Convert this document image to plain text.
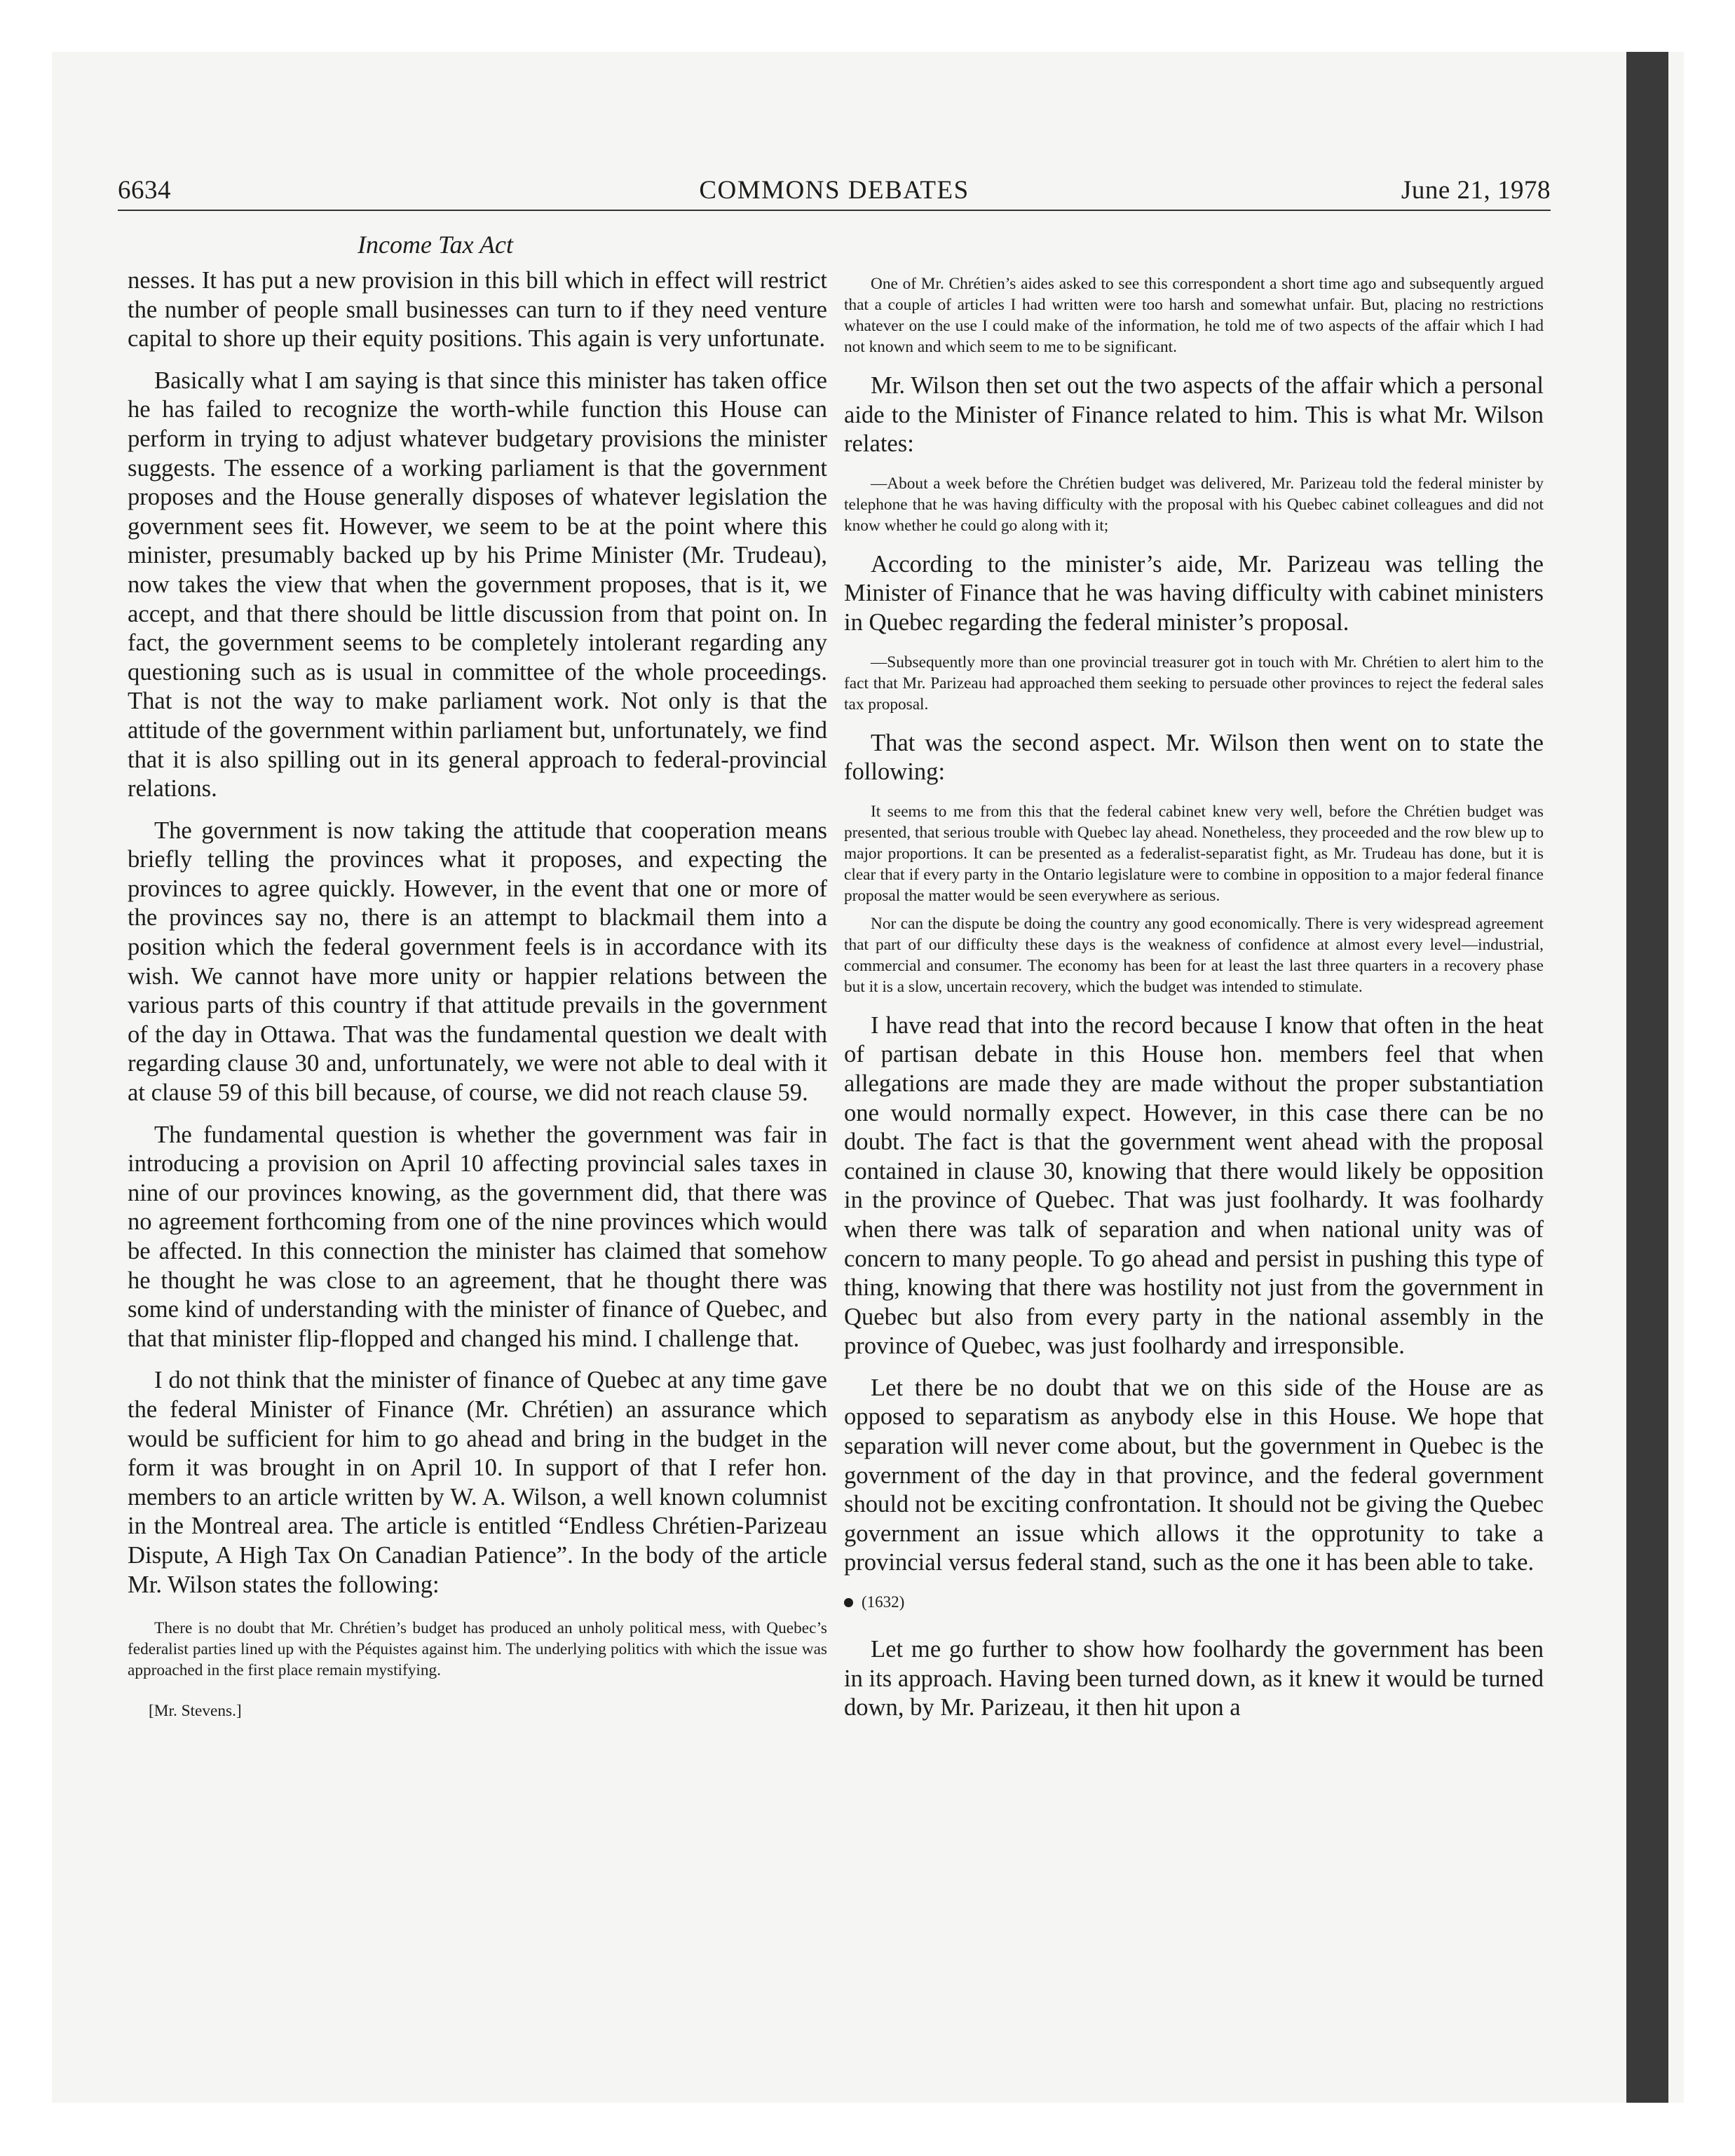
6634	COMMONS DEBATES	June 21, 1978
Income Tax Act

nesses. It has put a new provision in this bill which in effect will restrict the number of people small businesses can turn to if they need venture capital to shore up their equity positions. This again is very unfortunate.

Basically what I am saying is that since this minister has taken office he has failed to recognize the worth-while function this House can perform in trying to adjust whatever budgetary provisions the minister suggests. The essence of a working parliament is that the government proposes and the House generally disposes of whatever legislation the government sees fit. However, we seem to be at the point where this minister, presumably backed up by his Prime Minister (Mr. Trudeau), now takes the view that when the government proposes, that is it, we accept, and that there should be little discussion from that point on. In fact, the government seems to be completely intolerant regarding any questioning such as is usual in committee of the whole proceedings. That is not the way to make parliament work. Not only is that the attitude of the government within parliament but, unfortunately, we find that it is also spilling out in its general approach to federal-provincial relations.

The government is now taking the attitude that cooperation means briefly telling the provinces what it proposes, and expecting the provinces to agree quickly. However, in the event that one or more of the provinces say no, there is an attempt to blackmail them into a position which the federal government feels is in accordance with its wish. We cannot have more unity or happier relations between the various parts of this country if that attitude prevails in the government of the day in Ottawa. That was the fundamental question we dealt with regarding clause 30 and, unfortunately, we were not able to deal with it at clause 59 of this bill because, of course, we did not reach clause 59.

The fundamental question is whether the government was fair in introducing a provision on April 10 affecting provincial sales taxes in nine of our provinces knowing, as the government did, that there was no agreement forthcoming from one of the nine provinces which would be affected. In this connection the minister has claimed that somehow he thought he was close to an agreement, that he thought there was some kind of understanding with the minister of finance of Quebec, and that that minister flip-flopped and changed his mind. I challenge that.

I do not think that the minister of finance of Quebec at any time gave the federal Minister of Finance (Mr. Chrétien) an assurance which would be sufficient for him to go ahead and bring in the budget in the form it was brought in on April 10. In support of that I refer hon. members to an article written by W. A. Wilson, a well known columnist in the Montreal area. The article is entitled “Endless Chrétien-Parizeau Dispute, A High Tax On Canadian Patience”. In the body of the article Mr. Wilson states the following:

There is no doubt that Mr. Chrétien’s budget has produced an unholy political mess, with Quebec’s federalist parties lined up with the Péquistes against him. The underlying politics with which the issue was approached in the first place remain mystifying.

[Mr. Stevens.]

One of Mr. Chrétien’s aides asked to see this correspondent a short time ago and subsequently argued that a couple of articles I had written were too harsh and somewhat unfair. But, placing no restrictions whatever on the use I could make of the information, he told me of two aspects of the affair which I had not known and which seem to me to be significant.

Mr. Wilson then set out the two aspects of the affair which a personal aide to the Minister of Finance related to him. This is what Mr. Wilson relates:

—About a week before the Chrétien budget was delivered, Mr. Parizeau told the federal minister by telephone that he was having difficulty with the proposal with his Quebec cabinet colleagues and did not know whether he could go along with it;

According to the minister’s aide, Mr. Parizeau was telling the Minister of Finance that he was having difficulty with cabinet ministers in Quebec regarding the federal minister’s proposal.

—Subsequently more than one provincial treasurer got in touch with Mr. Chrétien to alert him to the fact that Mr. Parizeau had approached them seeking to persuade other provinces to reject the federal sales tax proposal.

That was the second aspect. Mr. Wilson then went on to state the following:

It seems to me from this that the federal cabinet knew very well, before the Chrétien budget was presented, that serious trouble with Quebec lay ahead. Nonetheless, they proceeded and the row blew up to major proportions. It can be presented as a federalist-separatist fight, as Mr. Trudeau has done, but it is clear that if every party in the Ontario legislature were to combine in opposition to a major federal finance proposal the matter would be seen everywhere as serious.

Nor can the dispute be doing the country any good economically. There is very widespread agreement that part of our difficulty these days is the weakness of confidence at almost every level—industrial, commercial and consumer. The economy has been for at least the last three quarters in a recovery phase but it is a slow, uncertain recovery, which the budget was intended to stimulate.

I have read that into the record because I know that often in the heat of partisan debate in this House hon. members feel that when allegations are made they are made without the proper substantiation one would normally expect. However, in this case there can be no doubt. The fact is that the government went ahead with the proposal contained in clause 30, knowing that there would likely be opposition in the province of Quebec. That was just foolhardy. It was foolhardy when there was talk of separation and when national unity was of concern to many people. To go ahead and persist in pushing this type of thing, knowing that there was hostility not just from the government in Quebec but also from every party in the national assembly in the province of Quebec, was just foolhardy and irresponsible.

Let there be no doubt that we on this side of the House are as opposed to separatism as anybody else in this House. We hope that separation will never come about, but the government in Quebec is the government of the day in that province, and the federal government should not be exciting confrontation. It should not be giving the Quebec government an issue which allows it the opprotunity to take a provincial versus federal stand, such as the one it has been able to take.

(1632)

Let me go further to show how foolhardy the government has been in its approach. Having been turned down, as it knew it would be turned down, by Mr. Parizeau, it then hit upon a
